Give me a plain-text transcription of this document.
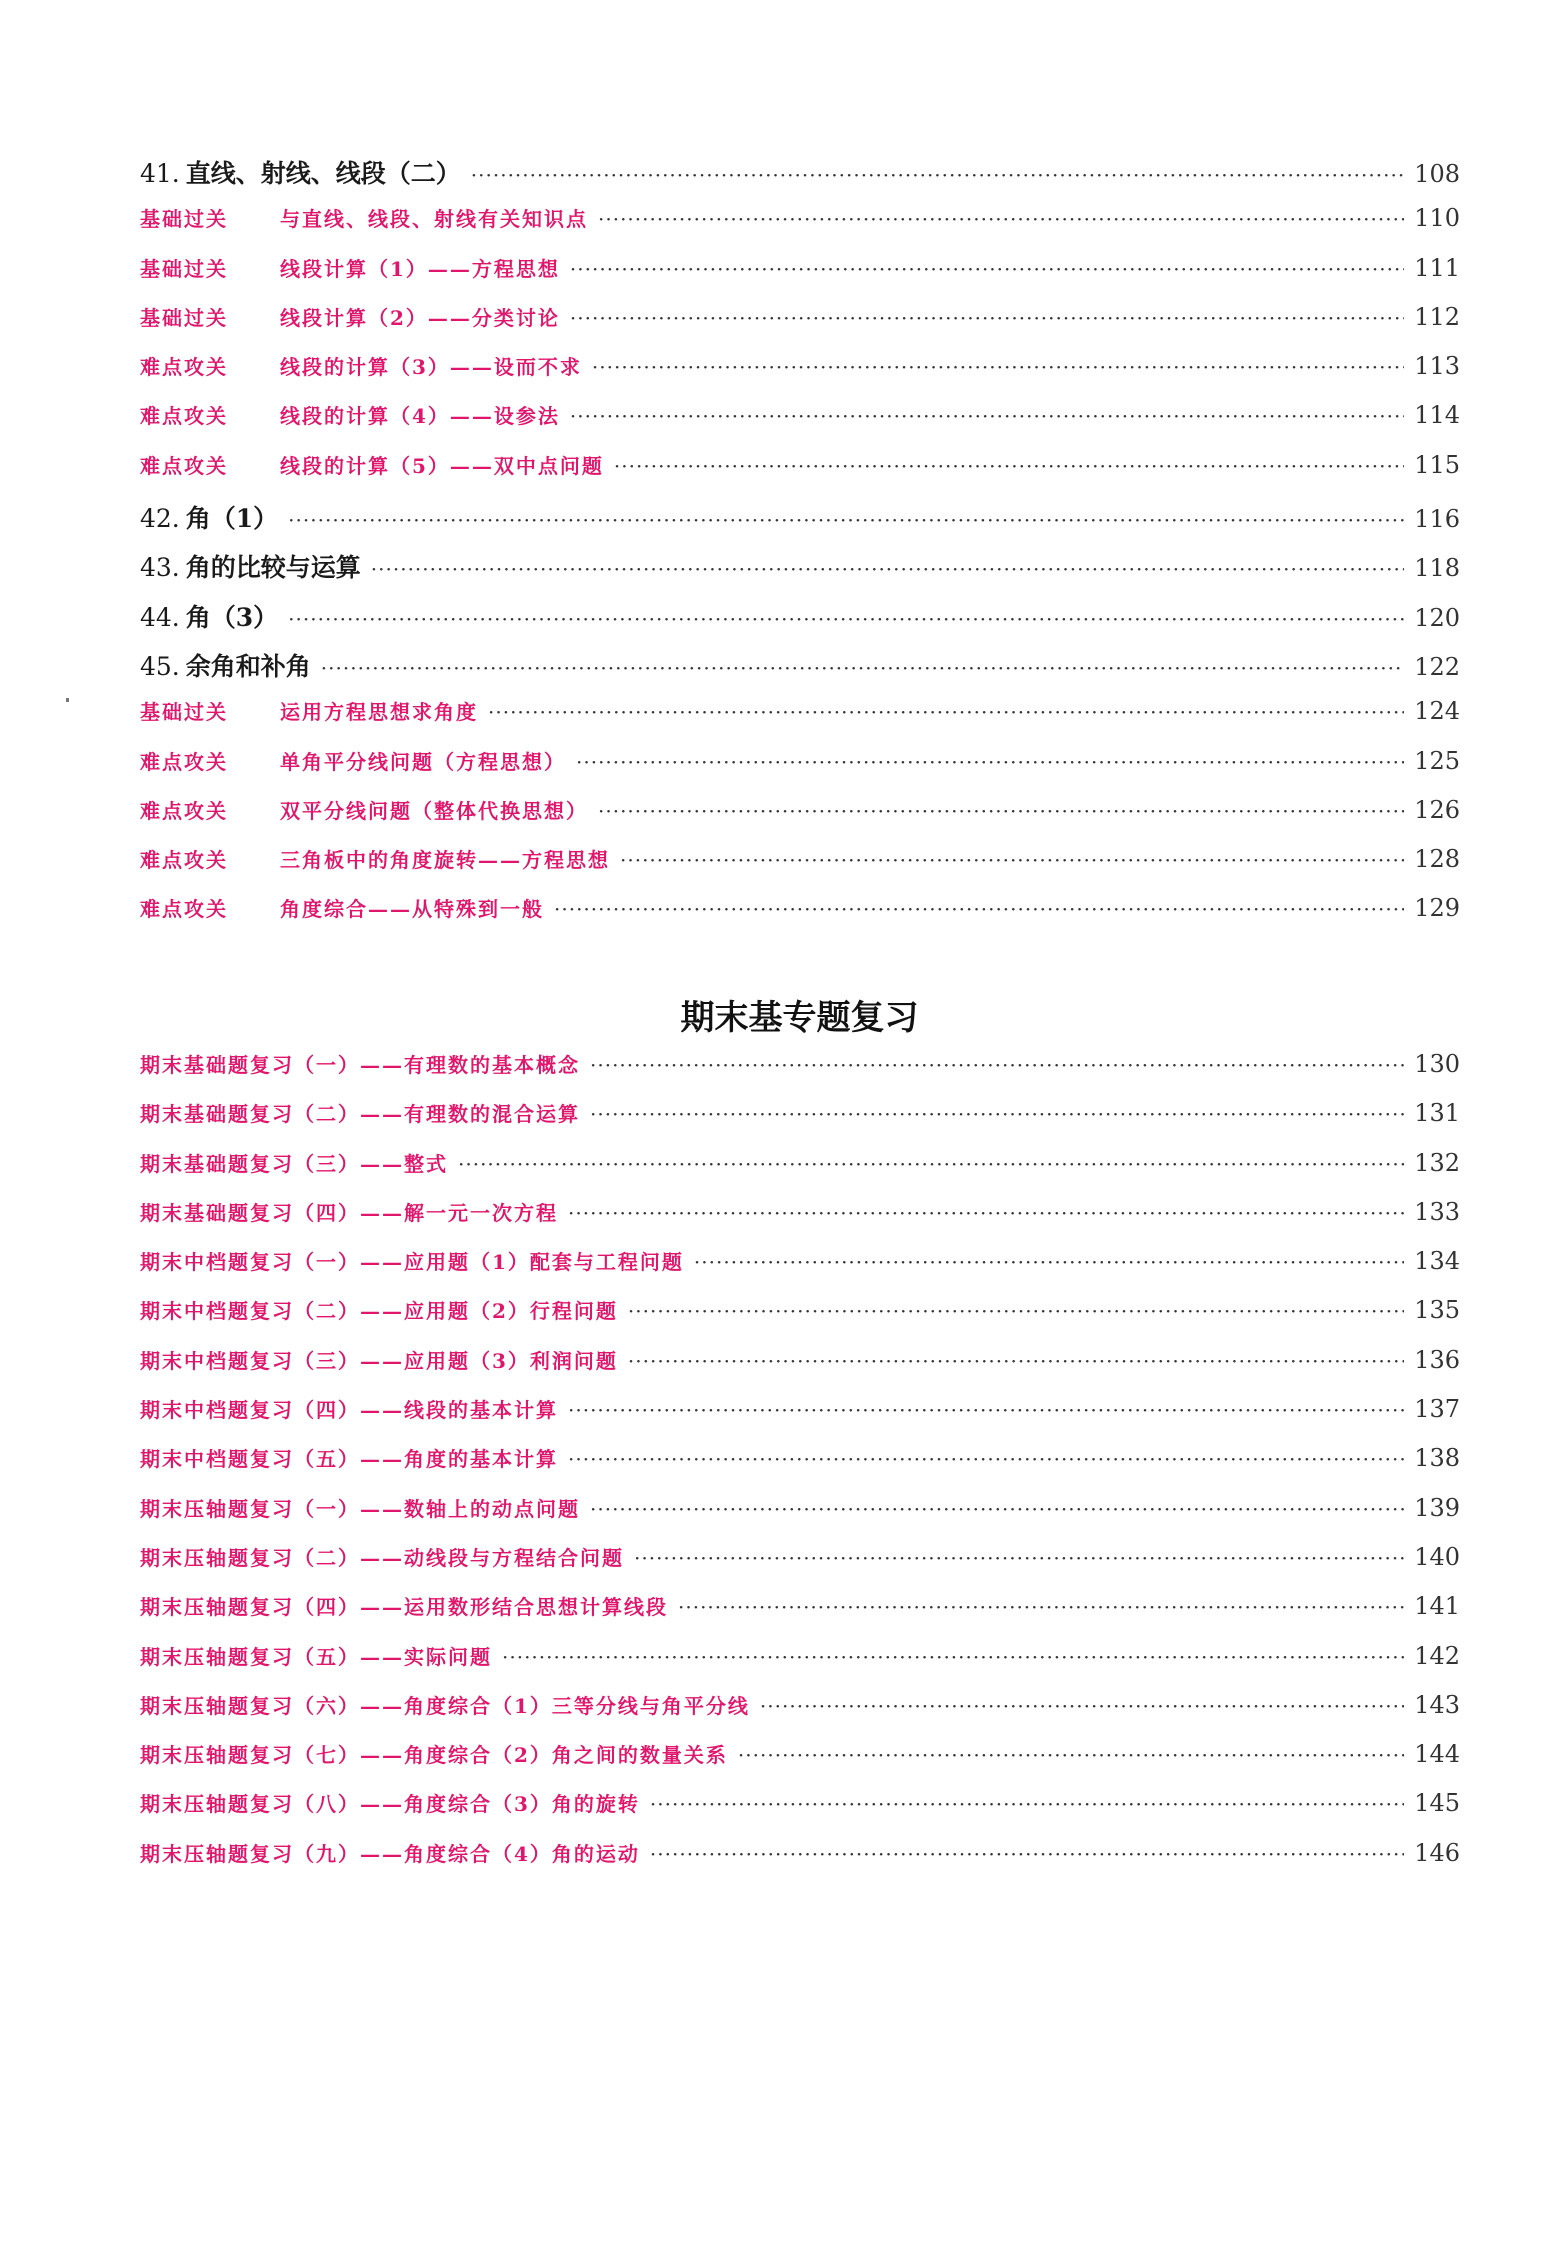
41. 直线、射线、线段（二） ·····	108
基础过关	与直线、线段、射线有关知识点 ·····	110
基础过关	线段计算（1）——方程思想 ·····	111
基础过关	线段计算（2）——分类讨论 ·····	112
难点攻关	线段的计算（3）——设而不求 ·····	113
难点攻关	线段的计算（4）——设参法 ·····	114
难点攻关	线段的计算（5）——双中点问题 ·····	115
42. 角（1） ·····	116
43. 角的比较与运算 ·····	118
44. 角（3） ·····	120
45. 余角和补角 ·····	122
基础过关	运用方程思想求角度 ·····	124
难点攻关	单角平分线问题（方程思想） ·····	125
难点攻关	双平分线问题（整体代换思想） ·····	126
难点攻关	三角板中的角度旋转——方程思想 ·····	128
难点攻关	角度综合——从特殊到一般 ·····	129
期末基专题复习
期末基础题复习（一）——有理数的基本概念 ·····	130
期末基础题复习（二）——有理数的混合运算 ·····	131
期末基础题复习（三）——整式 ·····	132
期末基础题复习（四）——解一元一次方程 ·····	133
期末中档题复习（一）——应用题（1）配套与工程问题 ·····	134
期末中档题复习（二）——应用题（2）行程问题 ·····	135
期末中档题复习（三）——应用题（3）利润问题 ·····	136
期末中档题复习（四）——线段的基本计算 ·····	137
期末中档题复习（五）——角度的基本计算 ·····	138
期末压轴题复习（一）——数轴上的动点问题 ·····	139
期末压轴题复习（二）——动线段与方程结合问题 ·····	140
期末压轴题复习（四）——运用数形结合思想计算线段 ·····	141
期末压轴题复习（五）——实际问题 ·····	142
期末压轴题复习（六）——角度综合（1）三等分线与角平分线 ·····	143
期末压轴题复习（七）——角度综合（2）角之间的数量关系 ·····	144
期末压轴题复习（八）——角度综合（3）角的旋转 ·····	145
期末压轴题复习（九）——角度综合（4）角的运动 ·····	146
